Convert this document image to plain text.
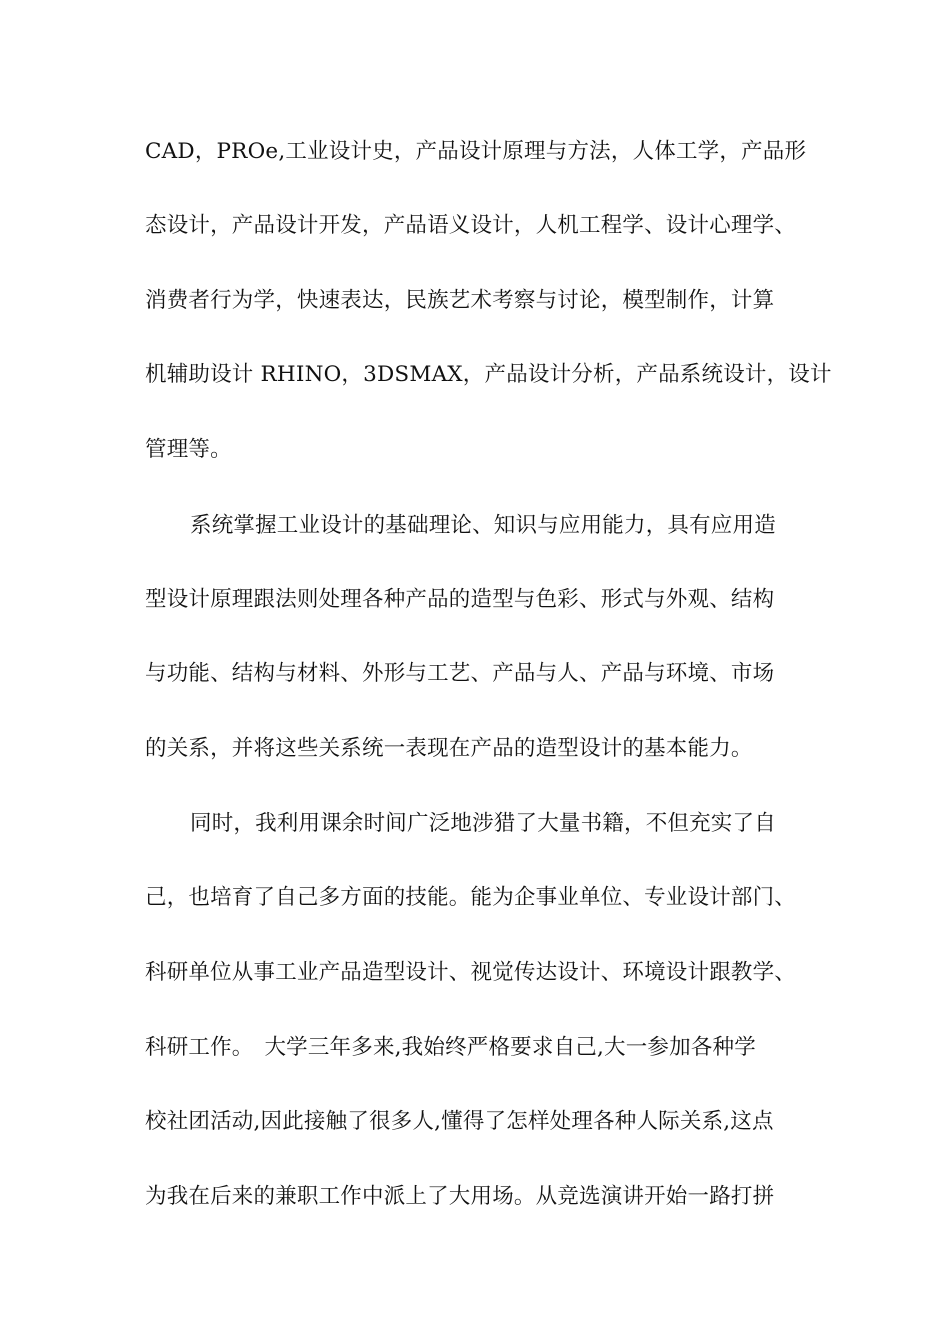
CAD，PROe,工业设计史，产品设计原理与方法，人体工学，产品形
态设计，产品设计开发，产品语义设计，人机工程学、设计心理学、
消费者行为学，快速表达，民族艺术考察与讨论，模型制作，计算
机辅助设计 RHINO，3DSMAX，产品设计分析，产品系统设计，设计
管理等。
系统掌握工业设计的基础理论、知识与应用能力，具有应用造
型设计原理跟法则处理各种产品的造型与色彩、形式与外观、结构
与功能、结构与材料、外形与工艺、产品与人、产品与环境、市场
的关系，并将这些关系统一表现在产品的造型设计的基本能力。
同时，我利用课余时间广泛地涉猎了大量书籍，不但充实了自
己，也培育了自己多方面的技能。能为企事业单位、专业设计部门、
科研单位从事工业产品造型设计、视觉传达设计、环境设计跟教学、
科研工作。　大学三年多来,我始终严格要求自己,大一参加各种学
校社团活动,因此接触了很多人,懂得了怎样处理各种人际关系,这点
为我在后来的兼职工作中派上了大用场。从竞选演讲开始一路打拼
